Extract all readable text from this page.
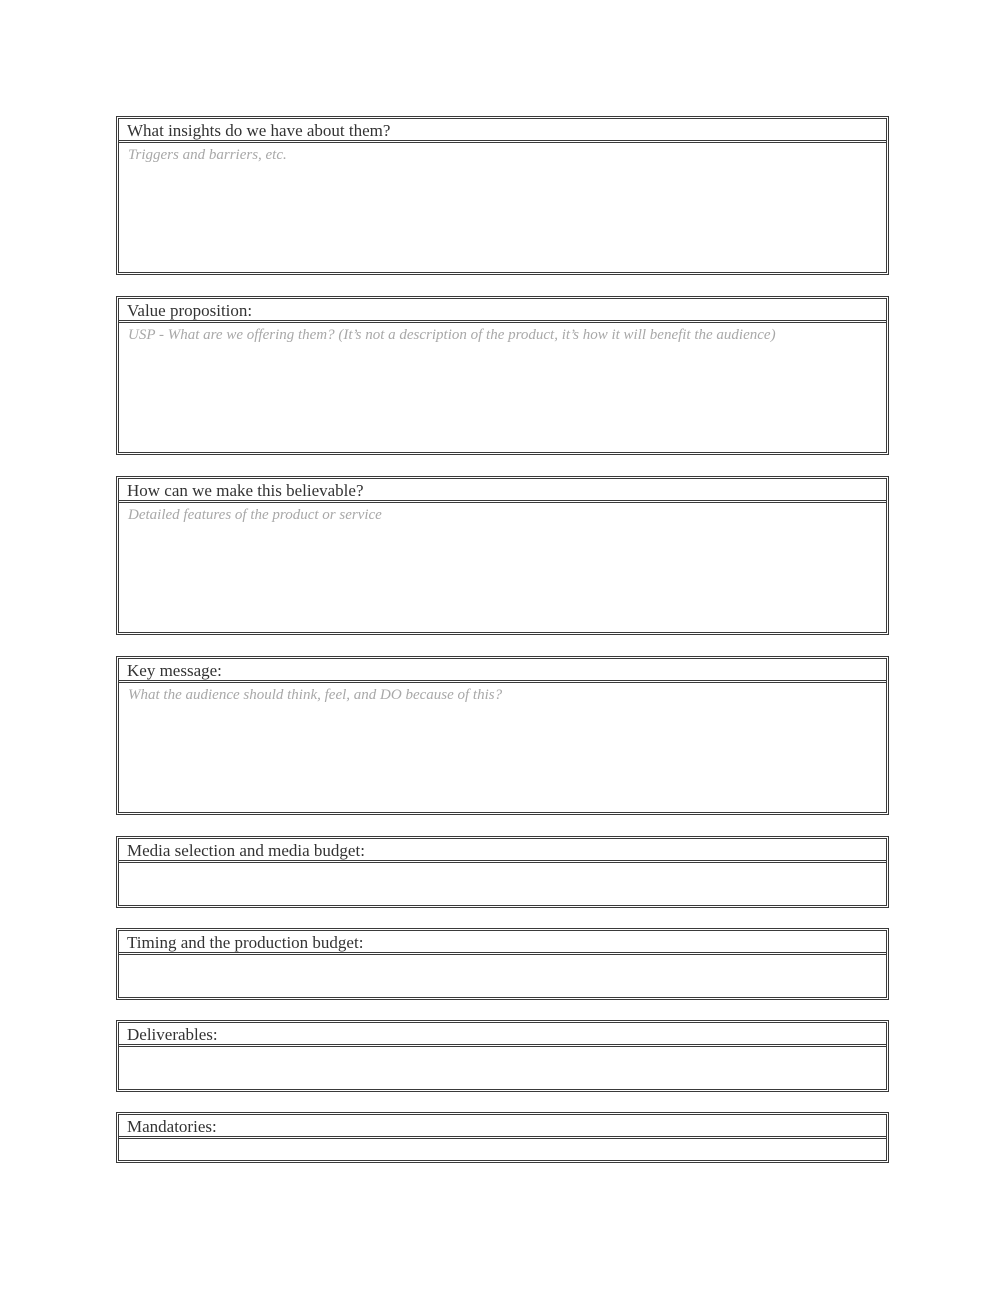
What insights do we have about them?
Triggers and barriers, etc.
Value proposition:
USP - What are we offering them? (It’s not a description of the product, it’s how it will benefit the audience)
How can we make this believable?
Detailed features of the product or service
Key message:
What the audience should think, feel, and DO because of this?
Media selection and media budget:
Timing and the production budget:
Deliverables:
Mandatories:
